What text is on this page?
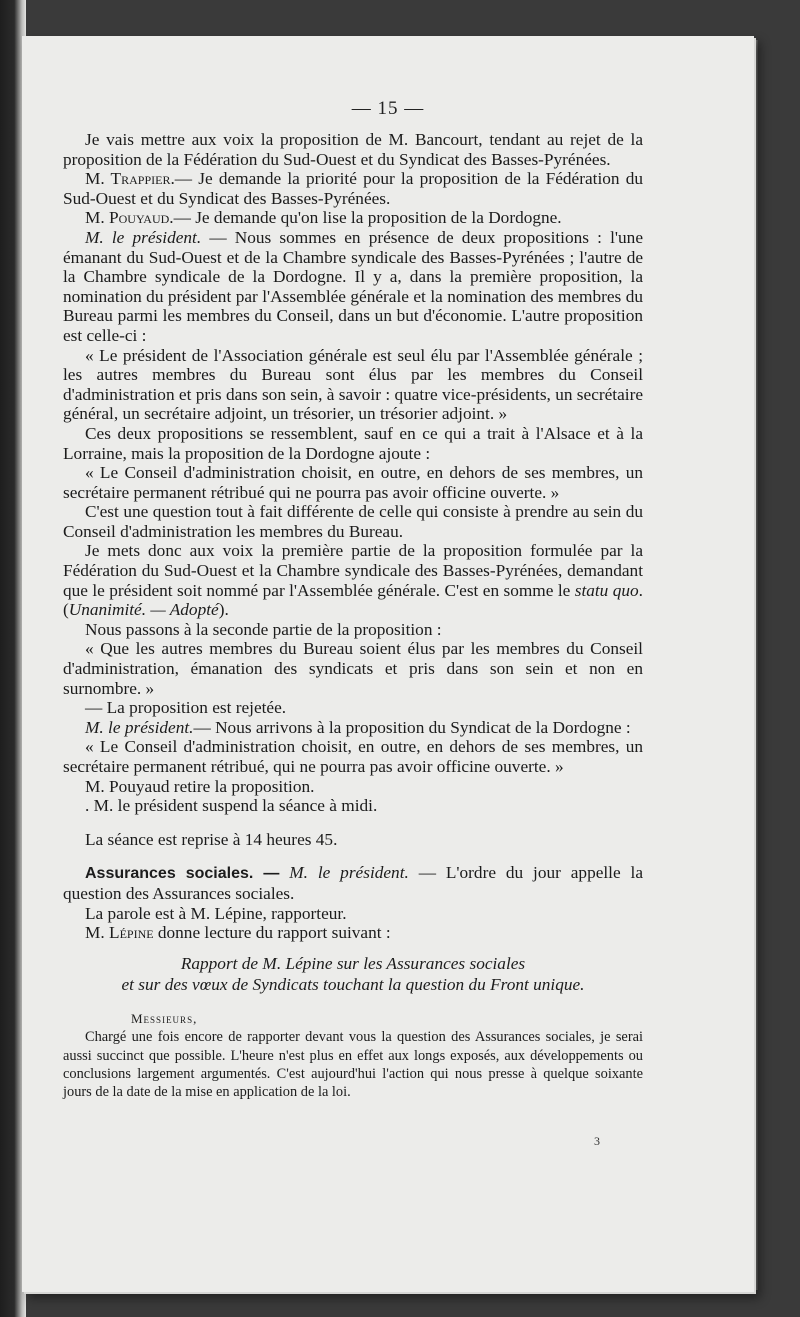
— 15 —

Je vais mettre aux voix la proposition de M. Bancourt, tendant au rejet de la proposition de la Fédération du Sud-Ouest et du Syndicat des Basses-Pyrénées.

M. Trappier.— Je demande la priorité pour la proposition de la Fédération du Sud-Ouest et du Syndicat des Basses-Pyrénées.

M. Pouyaud.— Je demande qu'on lise la proposition de la Dordogne.

M. le président. — Nous sommes en présence de deux propositions : l'une émanant du Sud-Ouest et de la Chambre syndicale des Basses-Pyrénées ; l'autre de la Chambre syndicale de la Dordogne. Il y a, dans la première proposition, la nomination du président par l'Assemblée générale et la nomination des membres du Bureau parmi les membres du Conseil, dans un but d'économie. L'autre proposition est celle-ci :

« Le président de l'Association générale est seul élu par l'Assemblée générale ; les autres membres du Bureau sont élus par les membres du Conseil d'administration et pris dans son sein, à savoir : quatre vice-présidents, un secrétaire général, un secrétaire adjoint, un trésorier, un trésorier adjoint. »

Ces deux propositions se ressemblent, sauf en ce qui a trait à l'Alsace et à la Lorraine, mais la proposition de la Dordogne ajoute :

« Le Conseil d'administration choisit, en outre, en dehors de ses membres, un secrétaire permanent rétribué qui ne pourra pas avoir officine ouverte. »

C'est une question tout à fait différente de celle qui consiste à prendre au sein du Conseil d'administration les membres du Bureau.

Je mets donc aux voix la première partie de la proposition formulée par la Fédération du Sud-Ouest et la Chambre syndicale des Basses-Pyrénées, demandant que le président soit nommé par l'Assemblée générale. C'est en somme le statu quo. (Unanimité. — Adopté).

Nous passons à la seconde partie de la proposition :

« Que les autres membres du Bureau soient élus par les membres du Conseil d'administration, émanation des syndicats et pris dans son sein et non en surnombre. »

— La proposition est rejetée.

M. le président.— Nous arrivons à la proposition du Syndicat de la Dordogne :

« Le Conseil d'administration choisit, en outre, en dehors de ses membres, un secrétaire permanent rétribué, qui ne pourra pas avoir officine ouverte. »

M. Pouyaud retire la proposition.

. M. le président suspend la séance à midi.

La séance est reprise à 14 heures 45.

Assurances sociales. — M. le président. — L'ordre du jour appelle la question des Assurances sociales.

La parole est à M. Lépine, rapporteur.

M. Lépine donne lecture du rapport suivant :

Rapport de M. Lépine sur les Assurances sociales
et sur des vœux de Syndicats touchant la question du Front unique.
Messieurs,

Chargé une fois encore de rapporter devant vous la question des Assurances sociales, je serai aussi succinct que possible. L'heure n'est plus en effet aux longs exposés, aux développements ou conclusions largement argumentés. C'est aujourd'hui l'action qui nous presse à quelque soixante jours de la date de la mise en application de la loi.

3
